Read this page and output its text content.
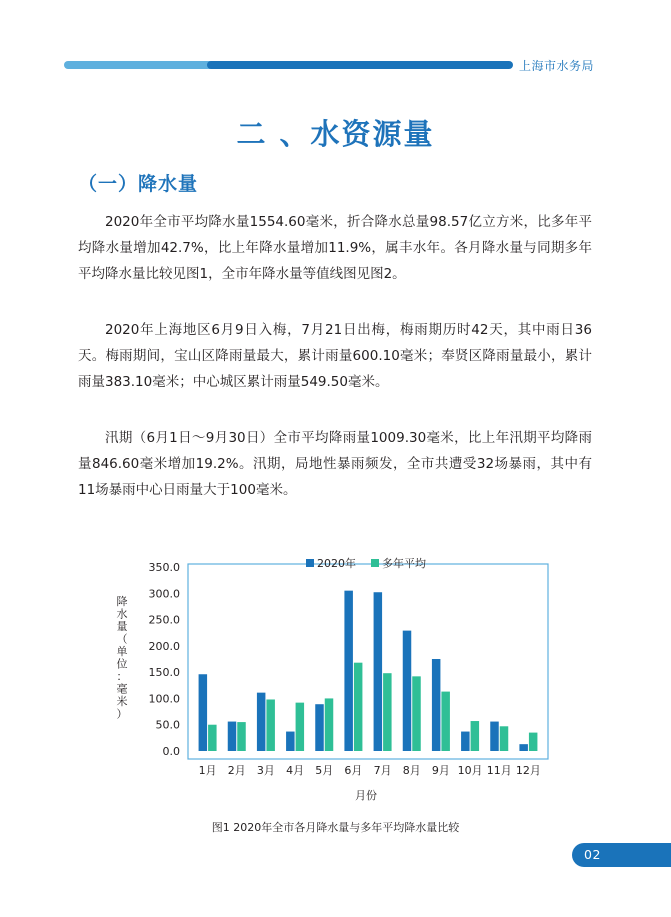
上海市水务局
二 、水资源量
（一）降水量

2020年全市平均降水量1554.60毫米，折合降水总量98.57亿立方米，比多年平均降水量增加42.7%，比上年降水量增加11.9%，属丰水年。各月降水量与同期多年平均降水量比较见图1，全市年降水量等值线图见图2。

2020年上海地区6月9日入梅，7月21日出梅，梅雨期历时42天，其中雨日36天。梅雨期间，宝山区降雨量最大，累计雨量600.10毫米；奉贤区降雨量最小，累计雨量383.10毫米；中心城区累计雨量549.50毫米。

汛期（6月1日～9月30日）全市平均降雨量1009.30毫米，比上年汛期平均降雨量846.60毫米增加19.2%。汛期，局地性暴雨频发，全市共遭受32场暴雨，其中有11场暴雨中心日雨量大于100毫米。

0.0
50.0
100.0
150.0
200.0
250.0
300.0
350.0
降
水
量
（
单
位
：
毫
米
）
1月 2月 3月 4月 5月 6月 7月 8月 9月 10月 11月 12月
月份
2020年 多年平均
图1 2020年全市各月降水量与多年平均降水量比较
02
